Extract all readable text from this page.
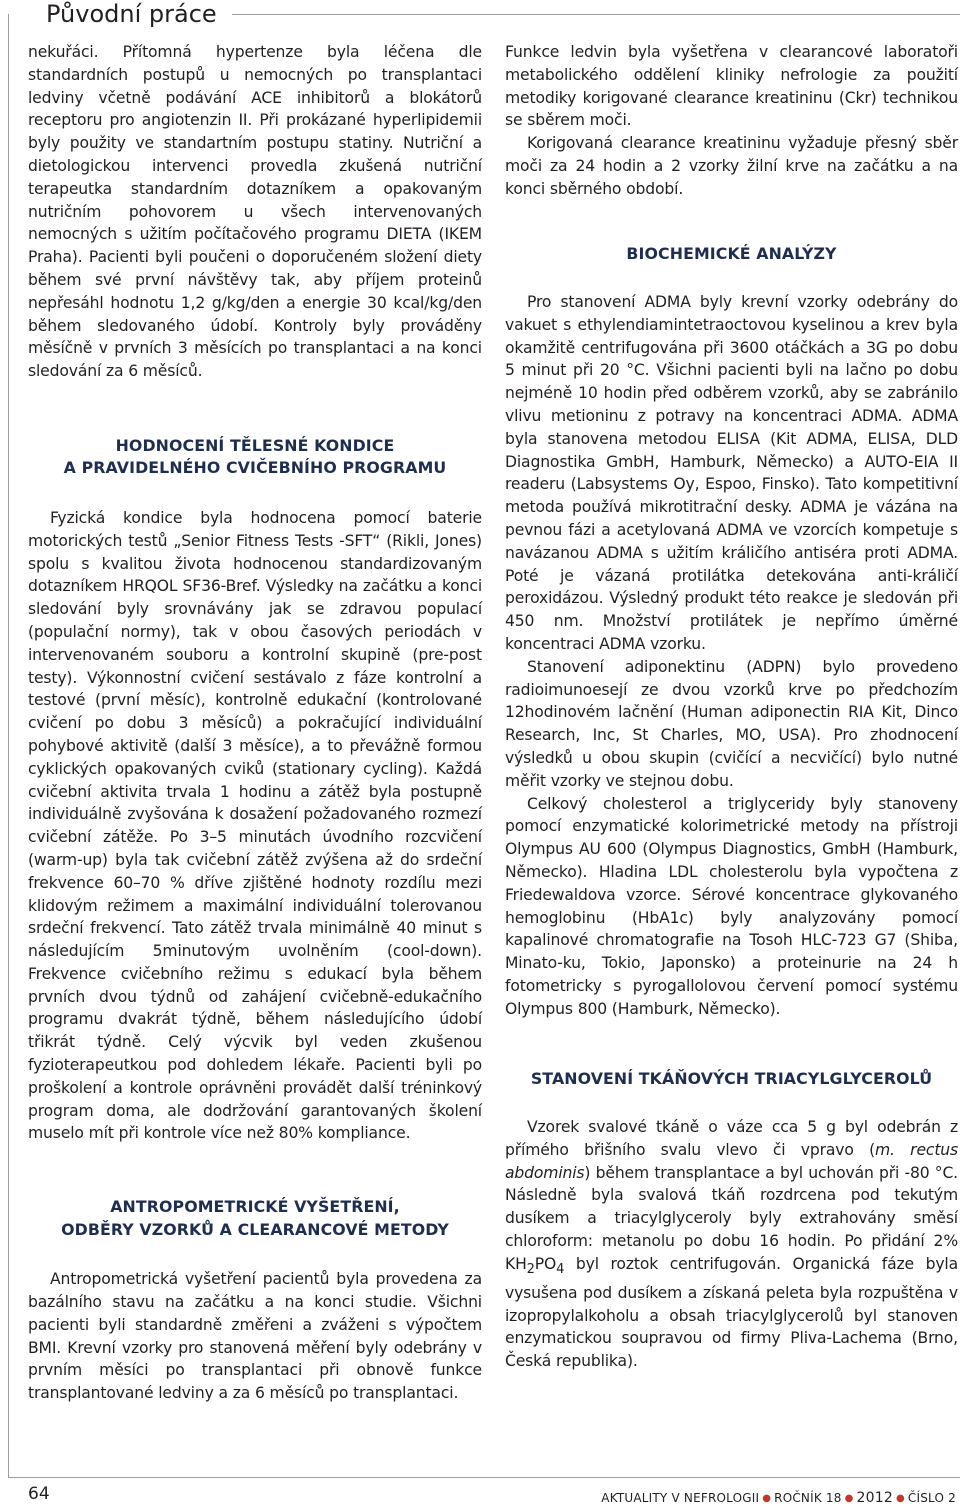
Původní práce

nekuřáci. Přítomná hypertenze byla léčena dle standardních postupů u nemocných po transplantaci ledviny včetně podávání ACE inhibitorů a blokátorů receptoru pro angiotenzin II. Při prokázané hyperlipidemii byly použity ve standartním postupu statiny. Nutriční a dietologickou intervenci provedla zkušená nutriční terapeutka standardním dotazníkem a opakovaným nutričním pohovorem u všech intervenovaných nemocných s užitím počítačového programu DIETA (IKEM Praha). Pacienti byli poučeni o doporučeném složení diety během své první návštěvy tak, aby příjem proteinů nepřesáhl hodnotu 1,2 g/kg/den a energie 30 kcal/kg/den během sledovaného údobí. Kontroly byly prováděny měsíčně v prvních 3 měsících po transplantaci a na konci sledování za 6 měsíců.

HODNOCENÍ TĚLESNÉ KONDICE
A PRAVIDELNÉHO CVIČEBNÍHO PROGRAMU

Fyzická kondice byla hodnocena pomocí baterie motorických testů „Senior Fitness Tests -SFT“ (Rikli, Jones) spolu s kvalitou života hodnocenou standardizovaným dotazníkem HRQOL SF36-Bref. Výsledky na začátku a konci sledování byly srovnávány jak se zdravou populací (populační normy), tak v obou časových periodách v intervenovaném souboru a kontrolní skupině (pre-post testy). Výkonnostní cvičení sestávalo z fáze kontrolní a testové (první měsíc), kontrolně edukační (kontrolované cvičení po dobu 3 měsíců) a pokračující individuální pohybové aktivitě (další 3 měsíce), a to převážně formou cyklických opakovaných cviků (stationary cycling). Každá cvičební aktivita trvala 1 hodinu a zátěž byla postupně individuálně zvyšována k dosažení požadovaného rozmezí cvičební zátěže. Po 3–5 minutách úvodního rozcvičení (warm-up) byla tak cvičební zátěž zvýšena až do srdeční frekvence 60–70 % dříve zjištěné hodnoty rozdílu mezi klidovým režimem a maximální individuální tolerovanou srdeční frekvencí. Tato zátěž trvala minimálně 40 minut s následujícím 5minutovým uvolněním (cool-down). Frekvence cvičebního režimu s edukací byla během prvních dvou týdnů od zahájení cvičebně-edukačního programu dvakrát týdně, během následujícího údobí třikrát týdně. Celý výcvik byl veden zkušenou fyzioterapeutkou pod dohledem lékaře. Pacienti byli po proškolení a kontrole oprávněni provádět další tréninkový program doma, ale dodržování garantovaných školení muselo mít při kontrole více než 80% kompliance.

ANTROPOMETRICKÉ VYŠETŘENÍ,
ODBĚRY VZORKŮ A CLEARANCOVÉ METODY

Antropometrická vyšetření pacientů byla provedena za bazálního stavu na začátku a na konci studie. Všichni pacienti byli standardně změřeni a zváženi s výpočtem BMI. Krevní vzorky pro stanovená měření byly odebrány v prvním měsíci po transplantaci při obnově funkce transplantované ledviny a za 6 měsíců po transplantaci.

Funkce ledvin byla vyšetřena v clearancové laboratoři metabolického oddělení kliniky nefrologie za použití metodiky korigované clearance kreatininu (Ckr) technikou se sběrem moči.

Korigovaná clearance kreatininu vyžaduje přesný sběr moči za 24 hodin a 2 vzorky žilní krve na začátku a na konci sběrného období.

BIOCHEMICKÉ ANALÝZY

Pro stanovení ADMA byly krevní vzorky odebrány do vakuet s ethylendiamintetraoctovou kyselinou a krev byla okamžitě centrifugována při 3600 otáčkách a 3G po dobu 5 minut při 20 °C. Všichni pacienti byli na lačno po dobu nejméně 10 hodin před odběrem vzorků, aby se zabránilo vlivu metioninu z potravy na koncentraci ADMA. ADMA byla stanovena metodou ELISA (Kit ADMA, ELISA, DLD Diagnostika GmbH, Hamburk, Německo) a AUTO-EIA II readeru (Labsystems Oy, Espoo, Finsko). Tato kompetitivní metoda používá mikrotitrační desky. ADMA je vázána na pevnou fázi a acetylovaná ADMA ve vzorcích kompetuje s navázanou ADMA s užitím králičího antiséra proti ADMA. Poté je vázaná protilátka detekována anti-králičí peroxidázou. Výsledný produkt této reakce je sledován při 450 nm. Množství protilátek je nepřímo úměrné koncentraci ADMA vzorku.

Stanovení adiponektinu (ADPN) bylo provedeno radioimunoesejí ze dvou vzorků krve po předchozím 12hodinovém lačnění (Human adiponectin RIA Kit, Dinco Research, Inc, St Charles, MO, USA). Pro zhodnocení výsledků u obou skupin (cvičící a necvičící) bylo nutné měřit vzorky ve stejnou dobu.

Celkový cholesterol a triglyceridy byly stanoveny pomocí enzymatické kolorimetrické metody na přístroji Olympus AU 600 (Olympus Diagnostics, GmbH (Hamburk, Německo). Hladina LDL cholesterolu byla vypočtena z Friedewaldova vzorce. Sérové koncentrace glykovaného hemoglobinu (HbA1c) byly analyzovány pomocí kapalinové chromatografie na Tosoh HLC-723 G7 (Shiba, Minato-ku, Tokio, Japonsko) a proteinurie na 24 h fotometricky s pyrogallolovou červení pomocí systému Olympus 800 (Hamburk, Německo).

STANOVENÍ TKÁŇOVÝCH TRIACYLGLYCEROLŮ

Vzorek svalové tkáně o váze cca 5 g byl odebrán z přímého břišního svalu vlevo či vpravo (m. rectus abdominis) během transplantace a byl uchován při -80 °C. Následně byla svalová tkáň rozdrcena pod tekutým dusíkem a triacylglyceroly byly extrahovány směsí chloroform: metanolu po dobu 16 hodin. Po přidání 2% $KH_2PO_4$ byl roztok centrifugován. Organická fáze byla vysušena pod dusíkem a získaná peleta byla rozpuštěna v izopropylalkoholu a obsah triacylglycerolů byl stanoven enzymatickou soupravou od firmy Pliva-Lachema (Brno, Česká republika).

64	AKTUALITY V NEFROLOGII ● ROČNÍK 18 ● 2012 ● ČÍSLO 2
